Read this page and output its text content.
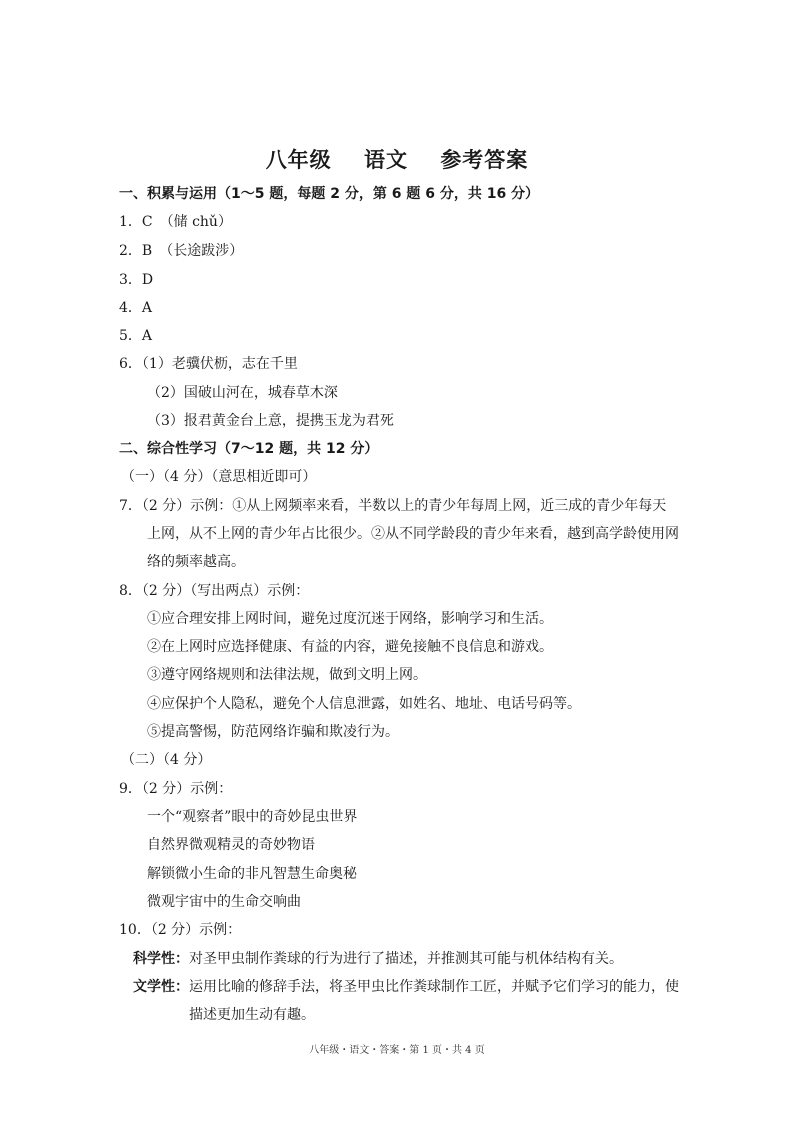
八年级 语文 参考答案
一、积累与运用（1～5 题，每题 2 分，第 6 题 6 分，共 16 分）
1．C　（储 chǔ）
2．B　（长途跋涉）
3．D
4．A
5．A
6．（1）老骥伏枥，志在千里
（2）国破山河在，城春草木深
（3）报君黄金台上意，提携玉龙为君死
二、综合性学习（7～12 题，共 12 分）
（一）（4 分）（意思相近即可）
7．（2 分）示例：①从上网频率来看，半数以上的青少年每周上网，近三成的青少年每天
上网，从不上网的青少年占比很少。②从不同学龄段的青少年来看，越到高学龄使用网
络的频率越高。
8．（2 分）（写出两点）示例：
①应合理安排上网时间，避免过度沉迷于网络，影响学习和生活。
②在上网时应选择健康、有益的内容，避免接触不良信息和游戏。
③遵守网络规则和法律法规，做到文明上网。
④应保护个人隐私，避免个人信息泄露，如姓名、地址、电话号码等。
⑤提高警惕，防范网络诈骗和欺凌行为。
（二）（4 分）
9．（2 分）示例：
一个“观察者”眼中的奇妙昆虫世界
自然界微观精灵的奇妙物语
解锁微小生命的非凡智慧生命奥秘
微观宇宙中的生命交响曲
10．（2 分）示例：
科学性：对圣甲虫制作粪球的行为进行了描述，并推测其可能与机体结构有关。
文学性：运用比喻的修辞手法，将圣甲虫比作粪球制作工匠，并赋予它们学习的能力，使
描述更加生动有趣。
八年级・语文・答案・第 1 页・共 4 页
